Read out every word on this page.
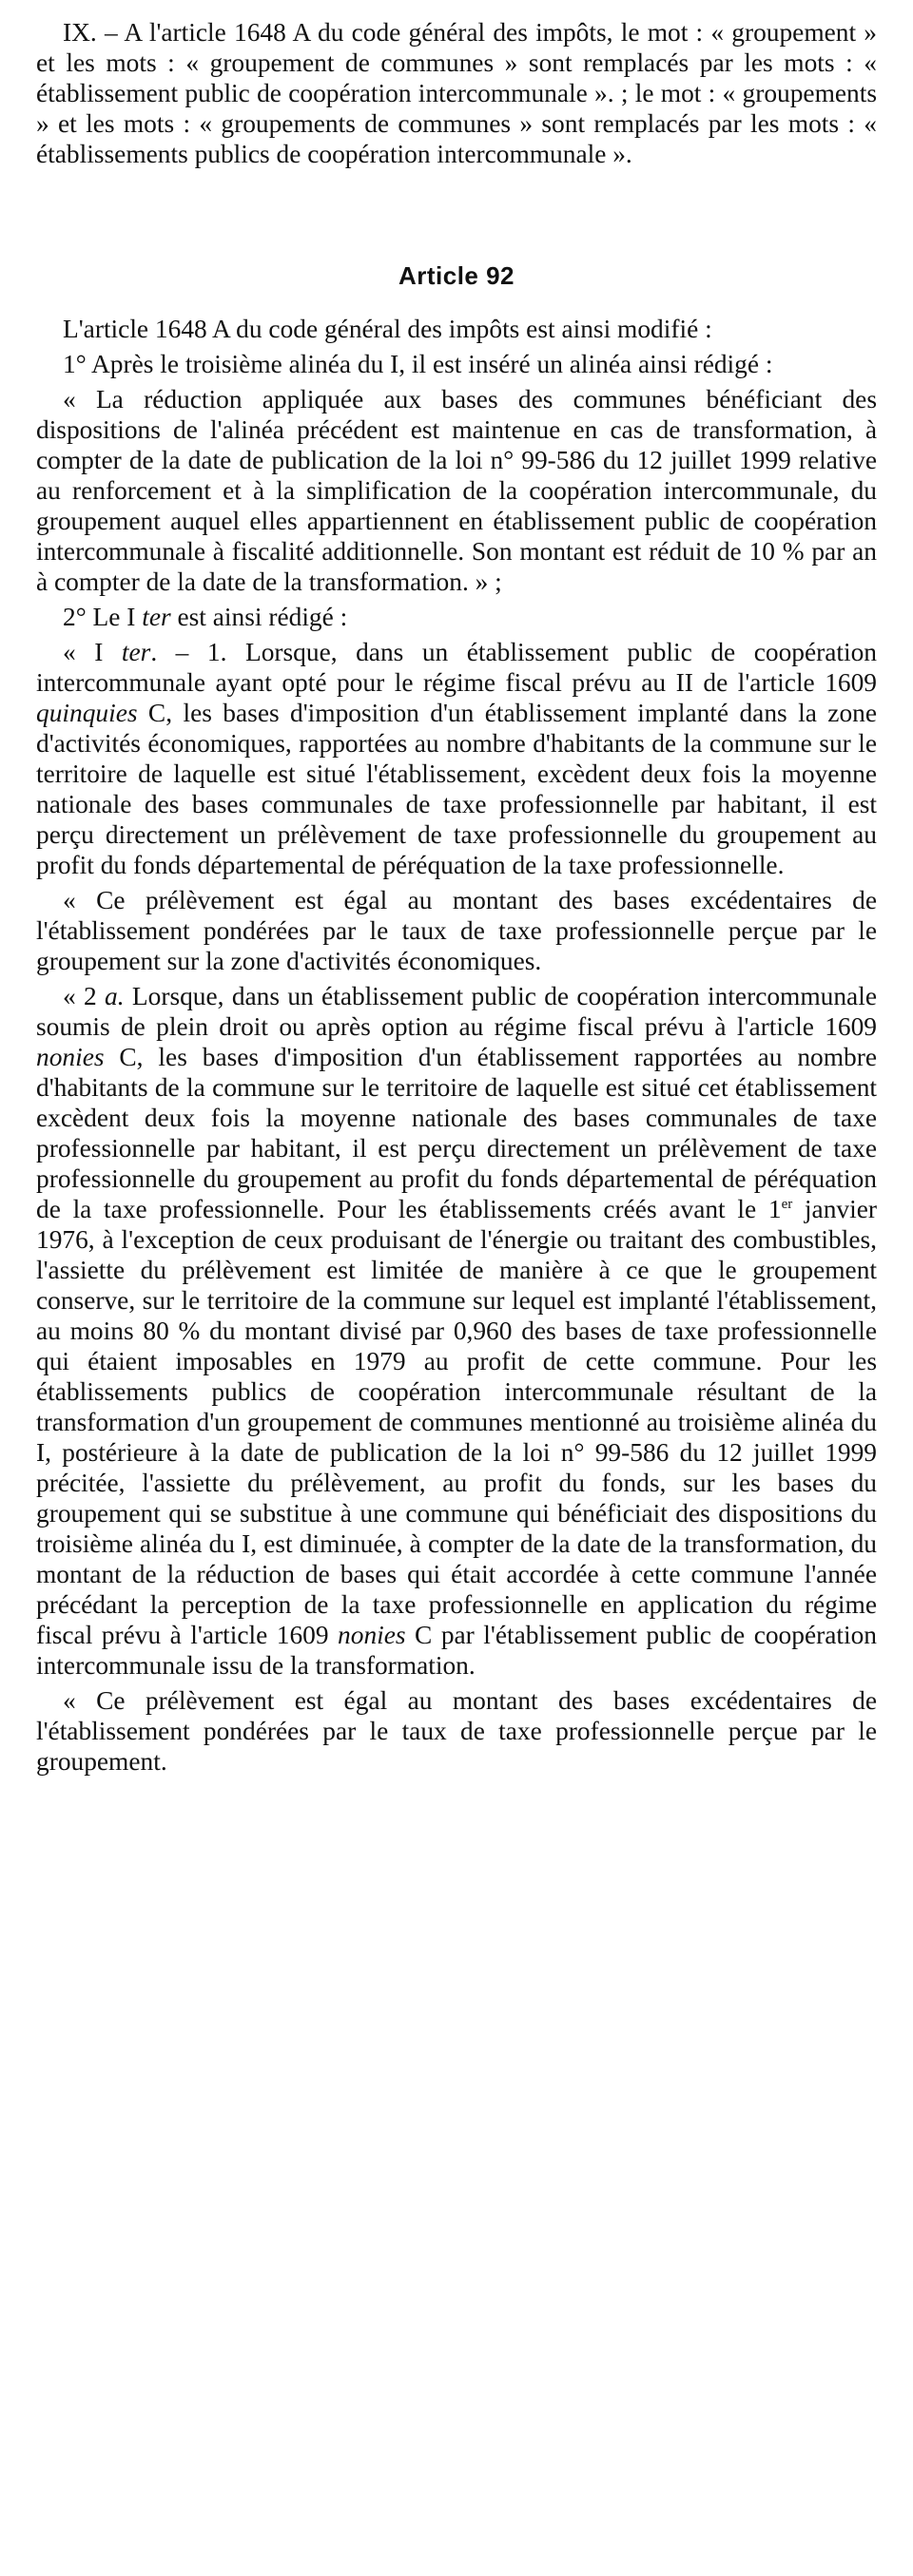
IX. – A l'article 1648 A du code général des impôts, le mot : « groupement » et les mots : « groupement de communes » sont remplacés par les mots : « établissement public de coopération intercommunale ». ; le mot : « groupements » et les mots : « groupements de communes » sont remplacés par les mots : « établissements publics de coopération intercommunale ».

Article 92

L'article 1648 A du code général des impôts est ainsi modifié :

1° Après le troisième alinéa du I, il est inséré un alinéa ainsi rédigé :

« La réduction appliquée aux bases des communes bénéficiant des dispositions de l'alinéa précédent est maintenue en cas de transformation, à compter de la date de publication de la loi n° 99-586 du 12 juillet 1999 relative au renforcement et à la simplification de la coopération intercommunale, du groupement auquel elles appartiennent en établissement public de coopération intercommunale à fiscalité additionnelle. Son montant est réduit de 10 % par an à compter de la date de la transformation. » ;

2° Le I ter est ainsi rédigé :

« I ter. – 1. Lorsque, dans un établissement public de coopération intercommunale ayant opté pour le régime fiscal prévu au II de l'article 1609 quinquies C, les bases d'imposition d'un établissement implanté dans la zone d'activités économiques, rapportées au nombre d'habitants de la commune sur le territoire de laquelle est situé l'établissement, excèdent deux fois la moyenne nationale des bases communales de taxe professionnelle par habitant, il est perçu directement un prélèvement de taxe professionnelle du groupement au profit du fonds départemental de péréquation de la taxe professionnelle.

« Ce prélèvement est égal au montant des bases excédentaires de l'établissement pondérées par le taux de taxe professionnelle perçue par le groupement sur la zone d'activités économiques.

« 2 a. Lorsque, dans un établissement public de coopération intercommunale soumis de plein droit ou après option au régime fiscal prévu à l'article 1609 nonies C, les bases d'imposition d'un établissement rapportées au nombre d'habitants de la commune sur le territoire de laquelle est situé cet établissement excèdent deux fois la moyenne nationale des bases communales de taxe professionnelle par habitant, il est perçu directement un prélèvement de taxe professionnelle du groupement au profit du fonds départemental de péréquation de la taxe professionnelle. Pour les établissements créés avant le 1er janvier 1976, à l'exception de ceux produisant de l'énergie ou traitant des combustibles, l'assiette du prélèvement est limitée de manière à ce que le groupement conserve, sur le territoire de la commune sur lequel est implanté l'établissement, au moins 80 % du montant divisé par 0,960 des bases de taxe professionnelle qui étaient imposables en 1979 au profit de cette commune. Pour les établissements publics de coopération intercommunale résultant de la transformation d'un groupement de communes mentionné au troisième alinéa du I, postérieure à la date de publication de la loi n° 99-586 du 12 juillet 1999 précitée, l'assiette du prélèvement, au profit du fonds, sur les bases du groupement qui se substitue à une commune qui bénéficiait des dispositions du troisième alinéa du I, est diminuée, à compter de la date de la transformation, du montant de la réduction de bases qui était accordée à cette commune l'année précédant la perception de la taxe professionnelle en application du régime fiscal prévu à l'article 1609 nonies C par l'établissement public de coopération intercommunale issu de la transformation.

« Ce prélèvement est égal au montant des bases excédentaires de l'établissement pondérées par le taux de taxe professionnelle perçue par le groupement.
